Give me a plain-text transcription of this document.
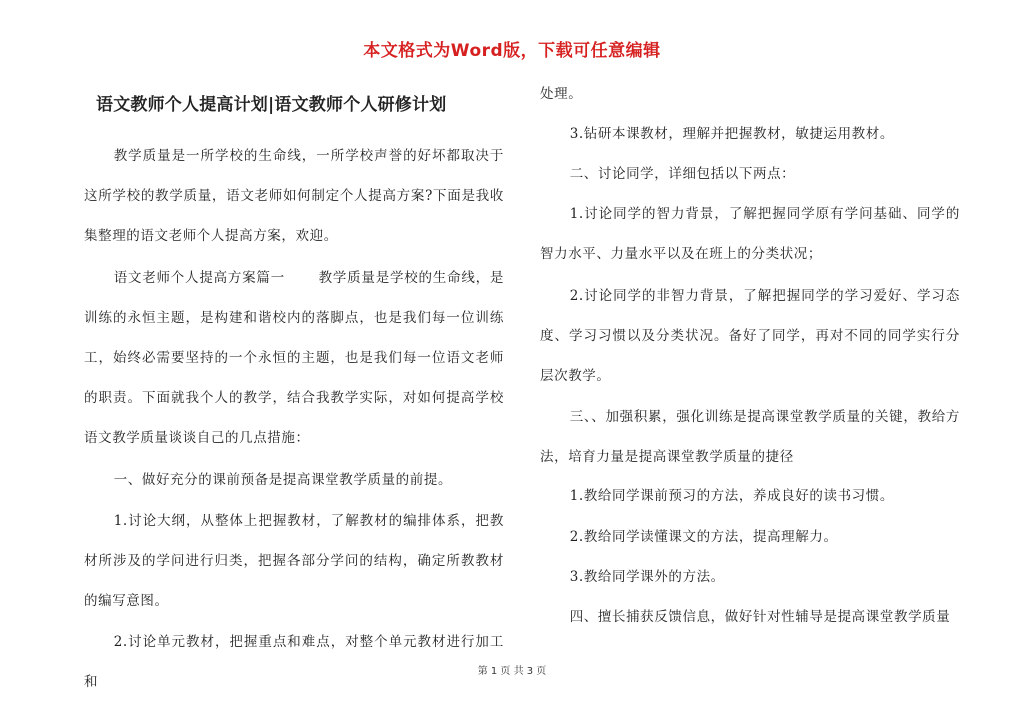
本文格式为Word版，下载可任意编辑
语文教师个人提高计划|语文教师个人研修计划
教学质量是一所学校的生命线，一所学校声誉的好坏都取决于这所学校的教学质量，语文老师如何制定个人提高方案?下面是我收集整理的语文老师个人提高方案，欢迎。
语文老师个人提高方案篇一　　 教学质量是学校的生命线，是训练的永恒主题，是构建和谐校内的落脚点，也是我们每一位训练工，始终必需要坚持的一个永恒的主题，也是我们每一位语文老师的职责。下面就我个人的教学，结合我教学实际，对如何提高学校语文教学质量谈谈自己的几点措施：
一、做好充分的课前预备是提高课堂教学质量的前提。
1.讨论大纲，从整体上把握教材，了解教材的编排体系，把教材所涉及的学问进行归类，把握各部分学问的结构，确定所教教材的编写意图。
2.讨论单元教材，把握重点和难点，对整个单元教材进行加工和
处理。
3.钻研本课教材，理解并把握教材，敏捷运用教材。
二、讨论同学，详细包括以下两点：
1.讨论同学的智力背景，了解把握同学原有学问基础、同学的智力水平、力量水平以及在班上的分类状况；
2.讨论同学的非智力背景，了解把握同学的学习爱好、学习态度、学习习惯以及分类状况。备好了同学，再对不同的同学实行分层次教学。
三、、加强积累，强化训练是提高课堂教学质量的关键，教给方法，培育力量是提高课堂教学质量的捷径
1.教给同学课前预习的方法，养成良好的读书习惯。
2.教给同学读懂课文的方法，提高理解力。
3.教给同学课外的方法。
四、擅长捕获反馈信息，做好针对性辅导是提高课堂教学质量
第 1 页 共 3 页
